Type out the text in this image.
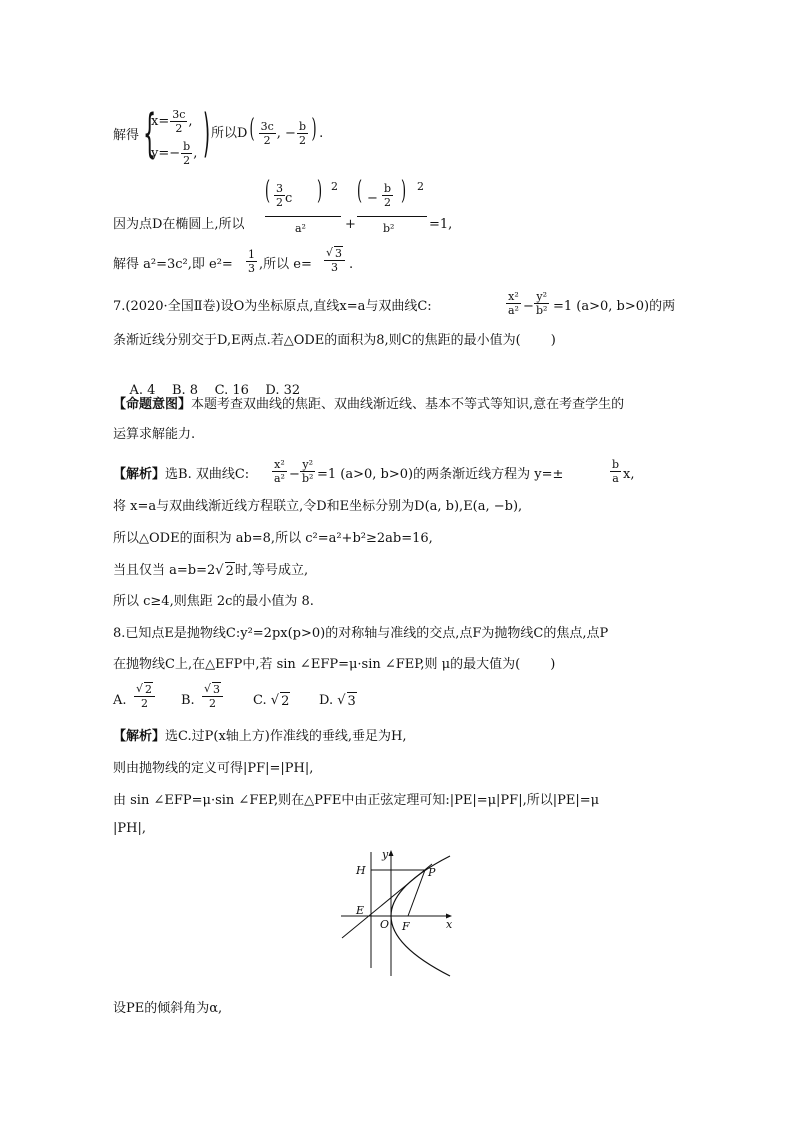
解得 {
$x= \frac{3c}{2}$ ,
$y=- \frac{b}{2}$ , ) 所以$D( \frac{3c}{2}$ , − $\frac{b}{2}$ ) .
因为点D在椭圆上,所以
( $\frac{3}{2}$ c ) 2
a²	+
( − $\frac{b}{2}$ ) 2
b²	=1,
解得 a²=3c²,即 $e^2= \frac{1}{3}$ ,所以 $e= \frac{√ 3}{3}$ .
7.(2020·全国Ⅱ卷)设O为坐标原点,直线x=a与双曲线C:	$\frac{\text{x²}}{\text{a²}} - \frac{\text{y²}}{\text{b²}} =1$ (a>0, b>0)的两
条渐近线分别交于D,E两点.若△ODE的面积为8,则C的焦距的最小值为( )

A. 4    B. 8    C. 16    D. 32

【命题意图】本题考查双曲线的焦距、双曲线渐近线、基本不等式等知识,意在考查学生的
运算求解能力.
【解析】选B. 双曲线C: $\frac{\text{x²}}{\text{a²}} - \frac{\text{y²}}{\text{b²}} =1$ (a>0, b>0)的两条渐近线方程为 y=±	$\frac{b}{a} x$,
将 x=a与双曲线渐近线方程联立,令D和E坐标分别为D(a, b),E(a, −b),
所以△ODE的面积为 ab=8,所以 c²=a²+b²≥2ab=16,
当且仅当 a=b=2√ 2 时,等号成立,
所以 c≥4,则焦距 2c的最小值为 8.
8.已知点E是抛物线C:y²=2px(p>0)的对称轴与准线的交点,点F为抛物线C的焦点,点P
在抛物线C上,在△EFP中,若 sin ∠EFP=μ·sin ∠FEP,则 μ的最大值为( )
A. $\frac{√ 2}{2} B$. $\frac{√ 3}{2} C$. √ 2 D. √ 3
【解析】选C.过P(x轴上方)作准线的垂线,垂足为H,
则由抛物线的定义可得|PF|=|PH|,
由 sin ∠EFP=μ·sin ∠FEP,则在△PFE中由正弦定理可知:|PE|=μ|PF|,所以|PE|=μ
|PH|,
y
x
H	P
E
O F
设PE的倾斜角为α,
